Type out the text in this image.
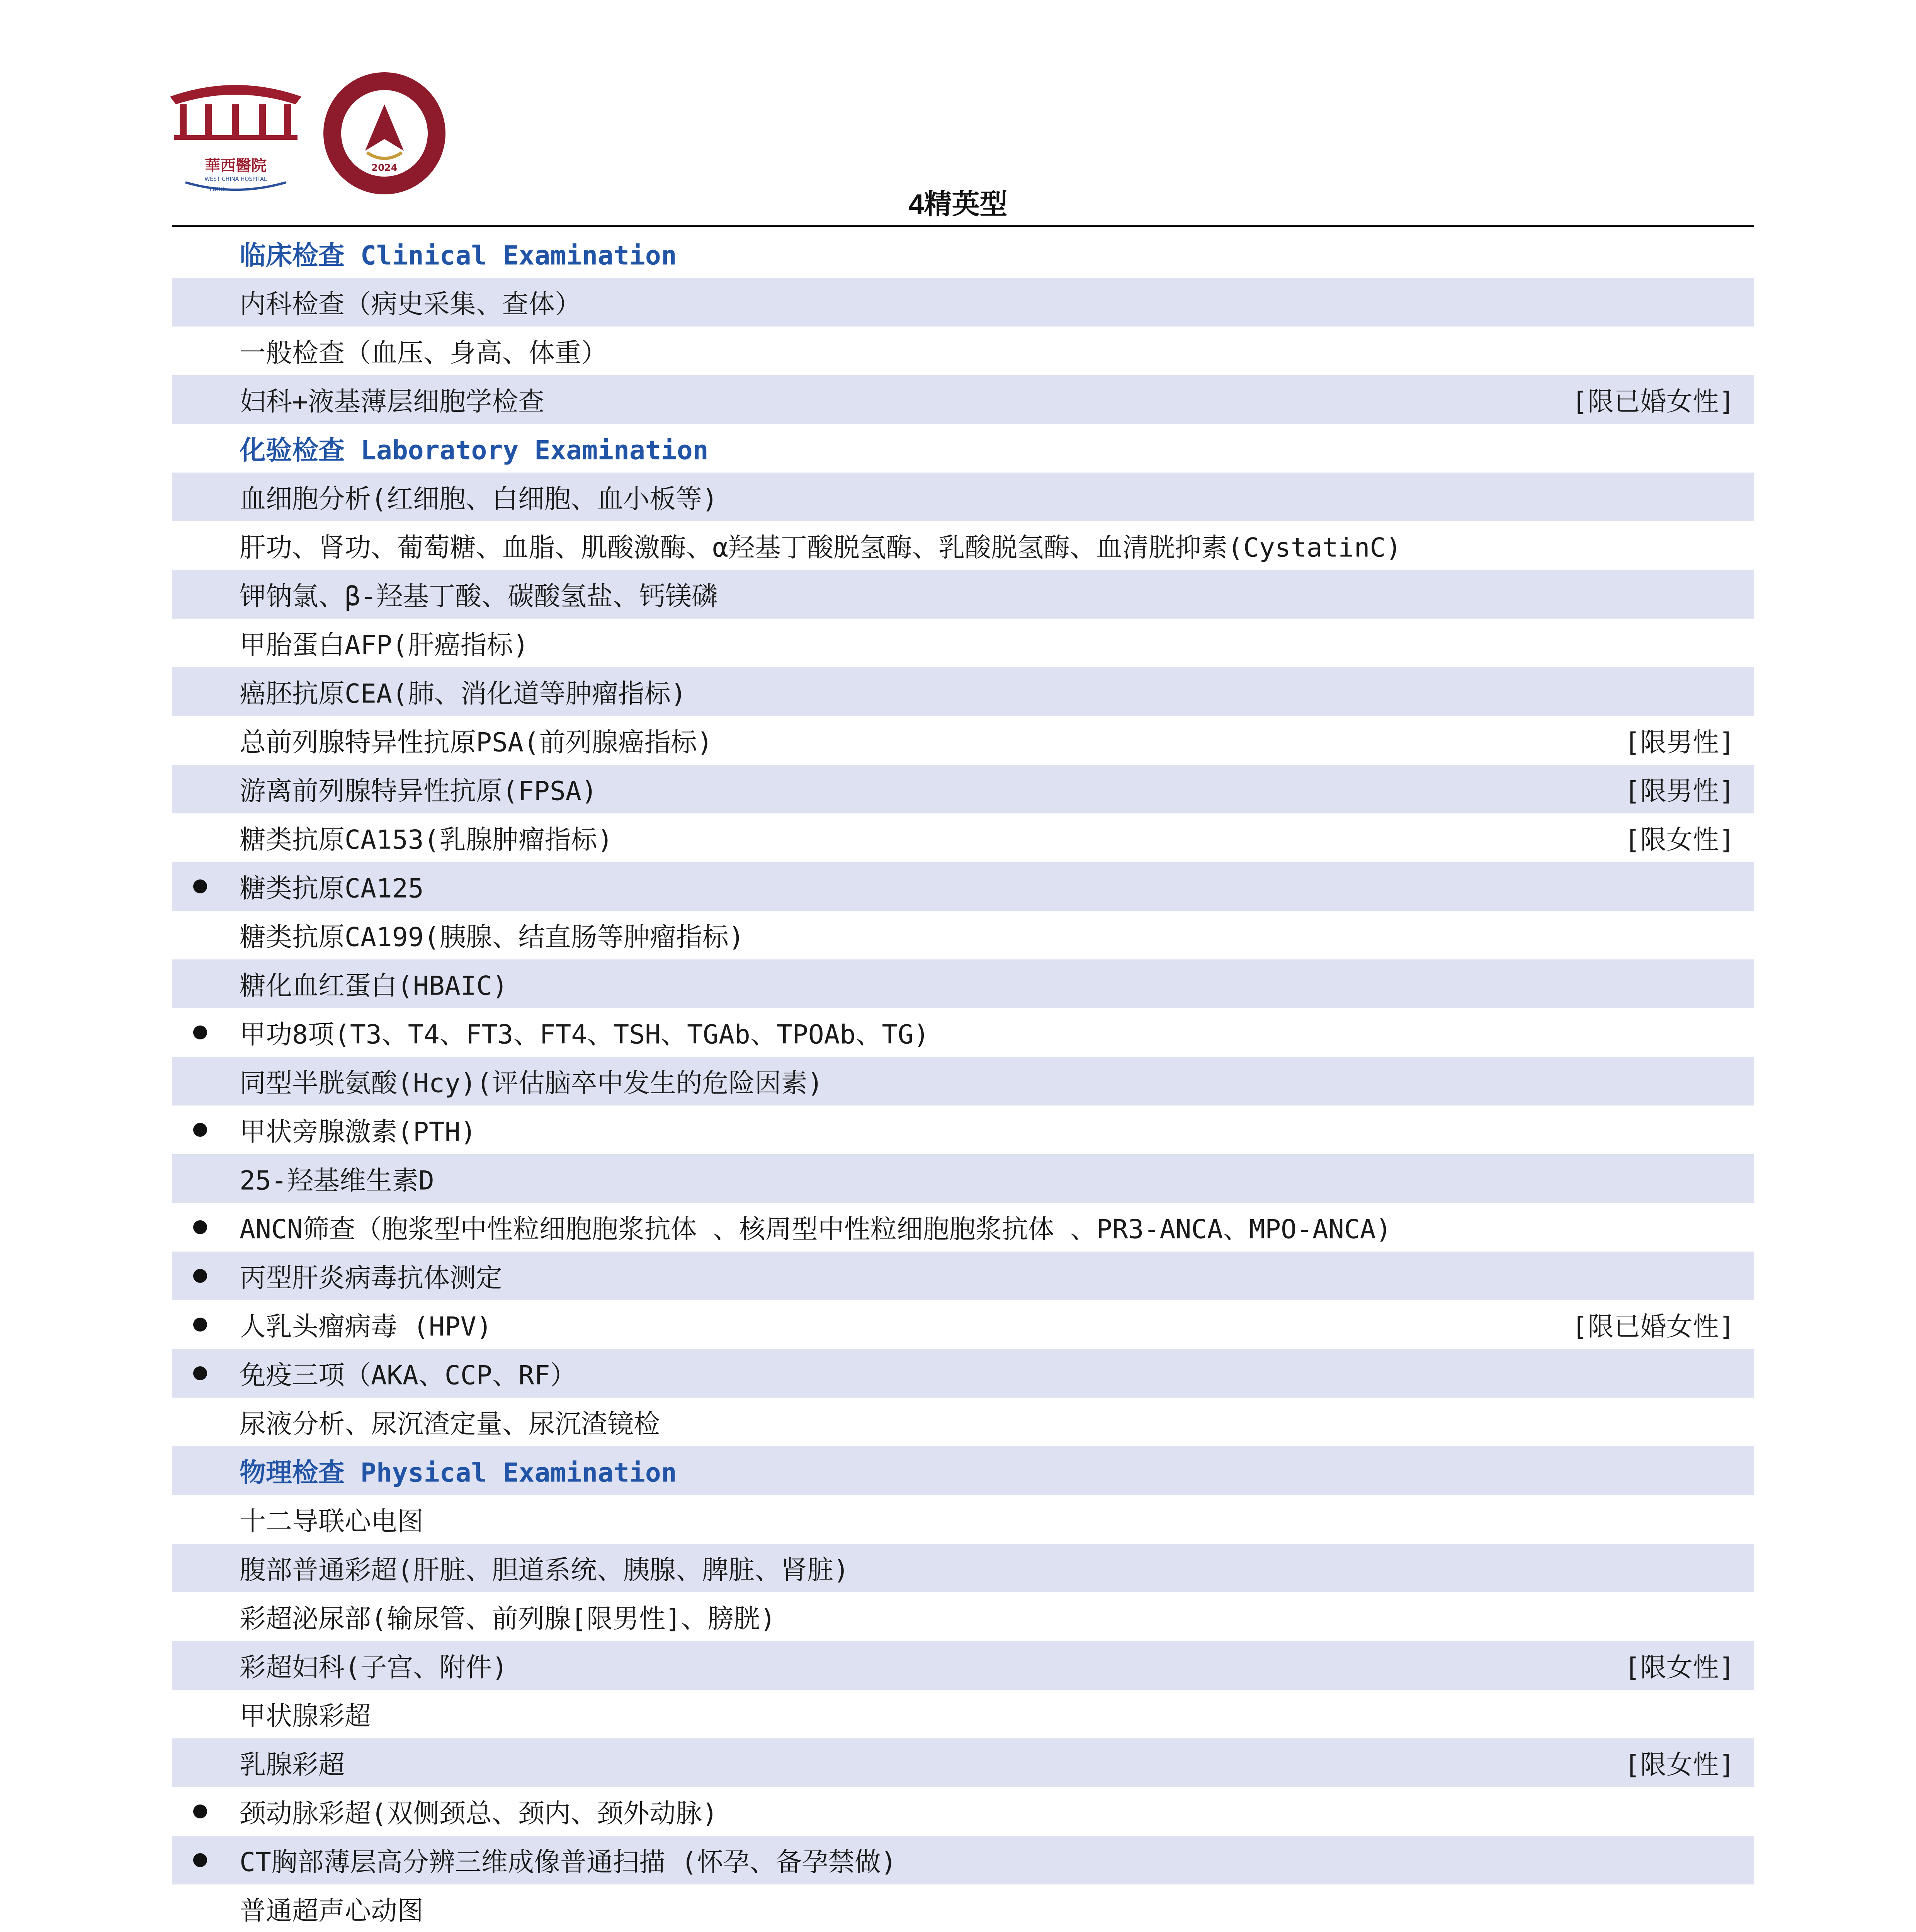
華西醫院
WEST CHINA HOSPITAL
1892
2024
4精英型
临床检查 Clinical Examination
内科检查（病史采集、查体）
一般检查（血压、身高、体重）
妇科+液基薄层细胞学检查	[限已婚女性]
化验检查 Laboratory Examination
血细胞分析(红细胞、白细胞、血小板等)
肝功、肾功、葡萄糖、血脂、肌酸激酶、α羟基丁酸脱氢酶、乳酸脱氢酶、血清胱抑素(CystatinC)
钾钠氯、β-羟基丁酸、碳酸氢盐、钙镁磷
甲胎蛋白AFP(肝癌指标)
癌胚抗原CEA(肺、消化道等肿瘤指标)
总前列腺特异性抗原PSA(前列腺癌指标)	[限男性]
游离前列腺特异性抗原(FPSA)	[限男性]
糖类抗原CA153(乳腺肿瘤指标)	[限女性]
糖类抗原CA125
糖类抗原CA199(胰腺、结直肠等肿瘤指标)
糖化血红蛋白(HBAIC)
甲功8项(T3、T4、FT3、FT4、TSH、TGAb、TPOAb、TG)
同型半胱氨酸(Hcy)(评估脑卒中发生的危险因素)
甲状旁腺激素(PTH)
25-羟基维生素D
ANCN筛查（胞浆型中性粒细胞胞浆抗体 、核周型中性粒细胞胞浆抗体 、PR3-ANCA、MPO-ANCA)
丙型肝炎病毒抗体测定
人乳头瘤病毒 (HPV)	[限已婚女性]
免疫三项（AKA、CCP、RF）
尿液分析、尿沉渣定量、尿沉渣镜检
物理检查 Physical Examination
十二导联心电图
腹部普通彩超(肝脏、胆道系统、胰腺、脾脏、肾脏)
彩超泌尿部(输尿管、前列腺[限男性]、膀胱)
彩超妇科(子宫、附件)	[限女性]
甲状腺彩超
乳腺彩超	[限女性]
颈动脉彩超(双侧颈总、颈内、颈外动脉)
CT胸部薄层高分辨三维成像普通扫描 (怀孕、备孕禁做)
普通超声心动图
